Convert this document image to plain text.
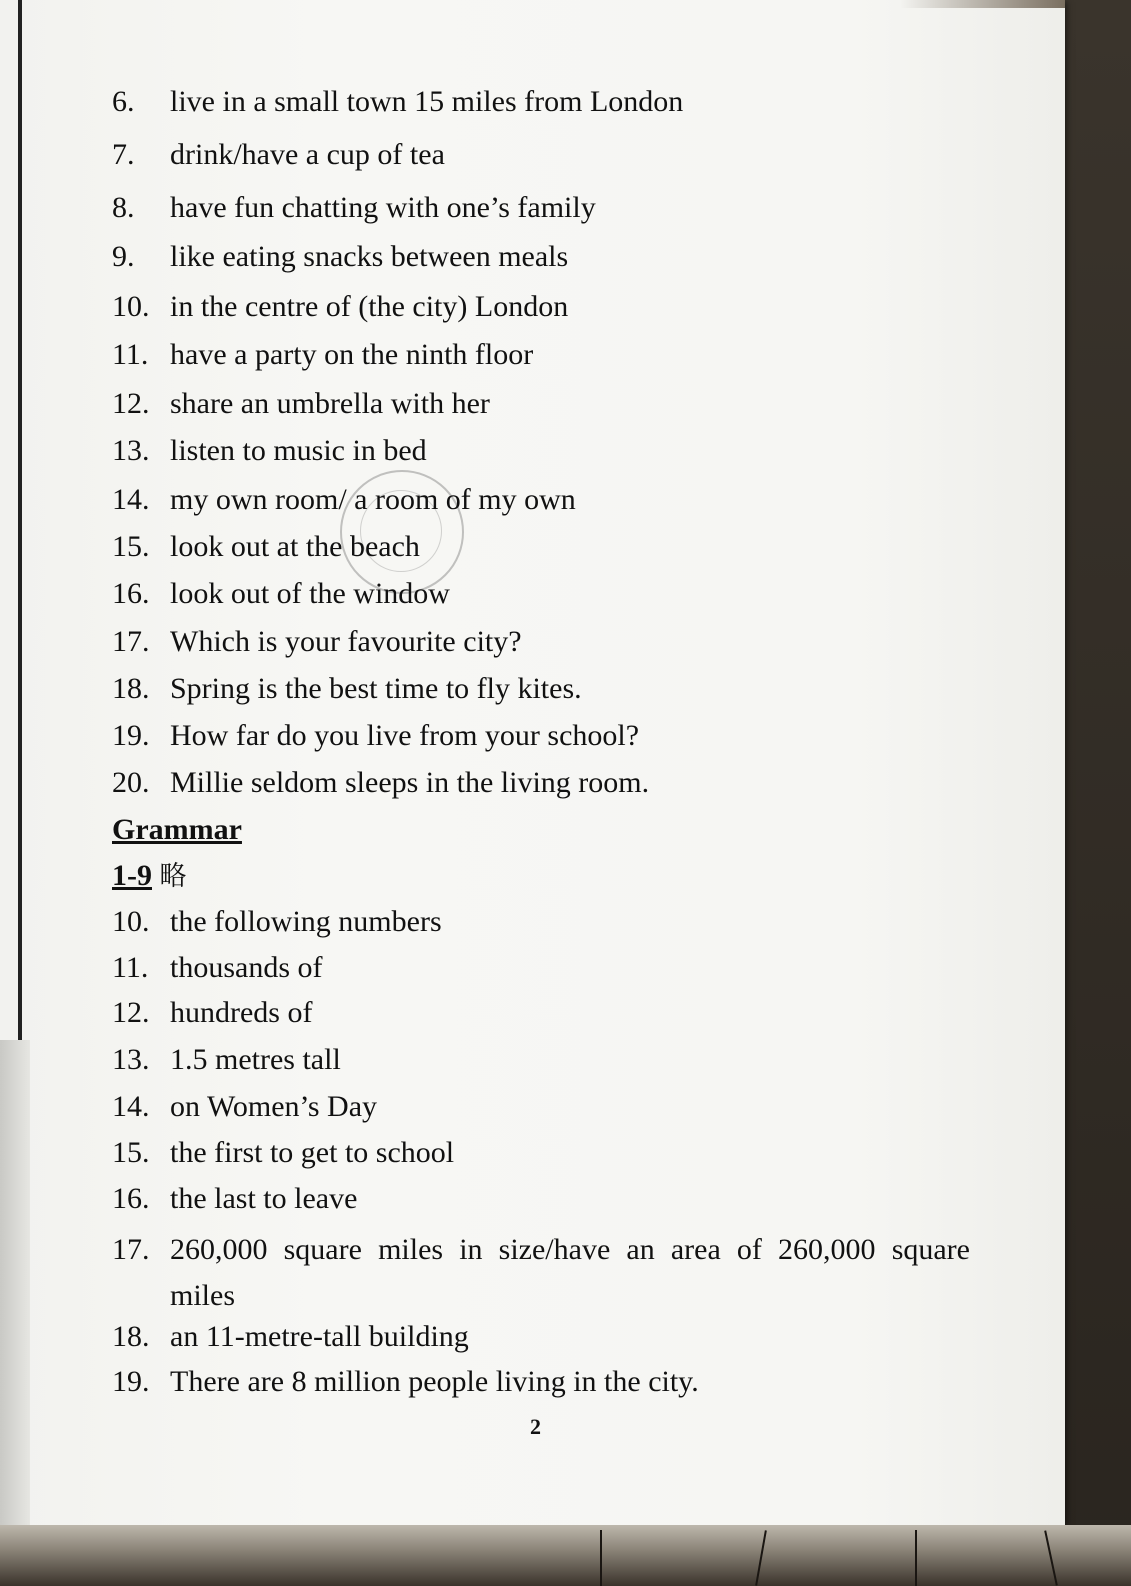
6. live in a small town 15 miles from London
7. drink/have a cup of tea
8. have fun chatting with one’s family
9. like eating snacks between meals
10. in the centre of (the city) London
11. have a party on the ninth floor
12. share an umbrella with her
13. listen to music in bed
14. my own room/ a room of my own
15. look out at the beach
16. look out of the window
17. Which is your favourite city?
18. Spring is the best time to fly kites.
19. How far do you live from your school?
20. Millie seldom sleeps in the living room.
Grammar
1-9 略
10. the following numbers
11. thousands of
12. hundreds of
13. 1.5 metres tall
14. on Women’s Day
15. the first to get to school
16. the last to leave
17. 260,000 square miles in size/have an area of 260,000 square miles
18. an 11-metre-tall building
19. There are 8 million people living in the city.
2
